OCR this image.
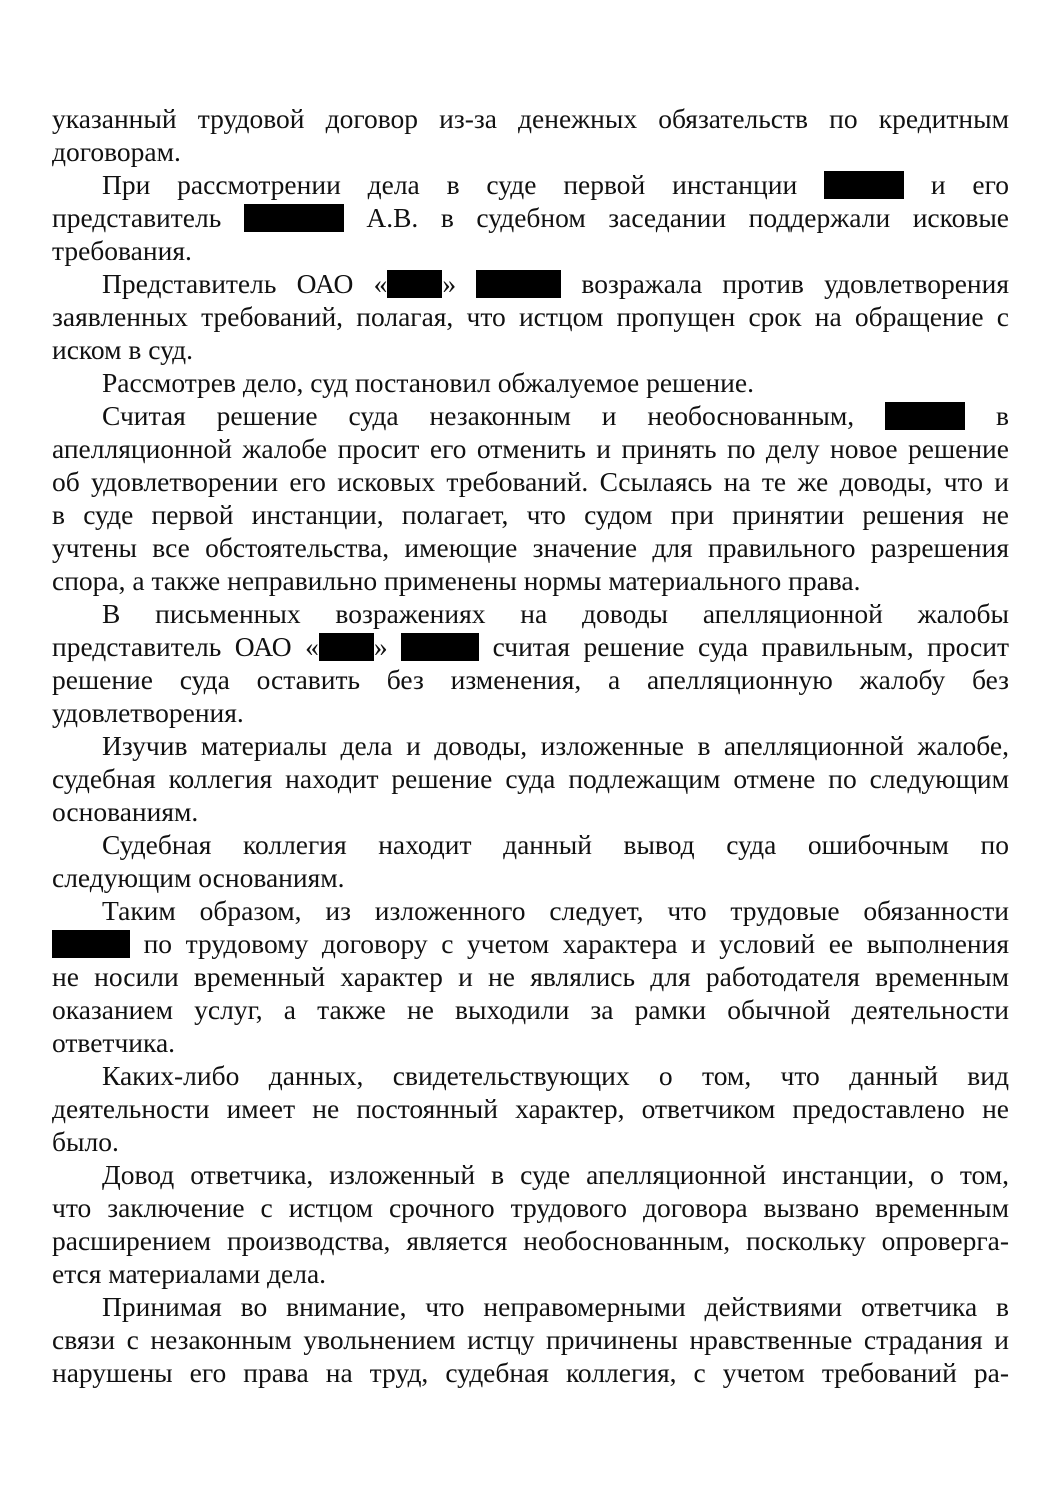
указанный трудовой договор из-за денежных обязательств по кредитным
договорам.
При рассмотрении дела в суде первой инстанции	и его
представитель	А.В. в судебном заседании поддержали исковые
требования.
Представитель ОАО « »	возражала против удовлетворения
заявленных требований, полагая, что истцом пропущен срок на обращение с
иском в суд.
Рассмотрев дело, суд постановил обжалуемое решение.
Считая решение суда незаконным и необоснованным,	в
апелляционной жалобе просит его отменить и принять по делу новое решение
об удовлетворении его исковых требований. Ссылаясь на те же доводы, что и
в суде первой инстанции, полагает, что судом при принятии решения не
учтены все обстоятельства, имеющие значение для правильного разрешения
спора, а также неправильно применены нормы материального права.
В письменных возражениях на доводы апелляционной жалобы
представитель ОАО « »	считая решение суда правильным, просит
решение суда оставить без изменения, а апелляционную жалобу без
удовлетворения.
Изучив материалы дела и доводы, изложенные в апелляционной жалобе,
судебная коллегия находит решение суда подлежащим отмене по следующим
основаниям.
Судебная коллегия находит данный вывод суда ошибочным по
следующим основаниям.
Таким образом, из изложенного следует, что трудовые обязанности
по трудовому договору с учетом характера и условий ее выполнения
не носили временный характер и не являлись для работодателя временным
оказанием услуг, а также не выходили за рамки обычной деятельности
ответчика.
Каких-либо данных, свидетельствующих о том, что данный вид
деятельности имеет не постоянный характер, ответчиком предоставлено не
было.
Довод ответчика, изложенный в суде апелляционной инстанции, о том,
что заключение с истцом срочного трудового договора вызвано временным
расширением производства, является необоснованным, поскольку опроверга-
ется материалами дела.
Принимая во внимание, что неправомерными действиями ответчика в
связи с незаконным увольнением истцу причинены нравственные страдания и
нарушены его права на труд, судебная коллегия, с учетом требований ра-
